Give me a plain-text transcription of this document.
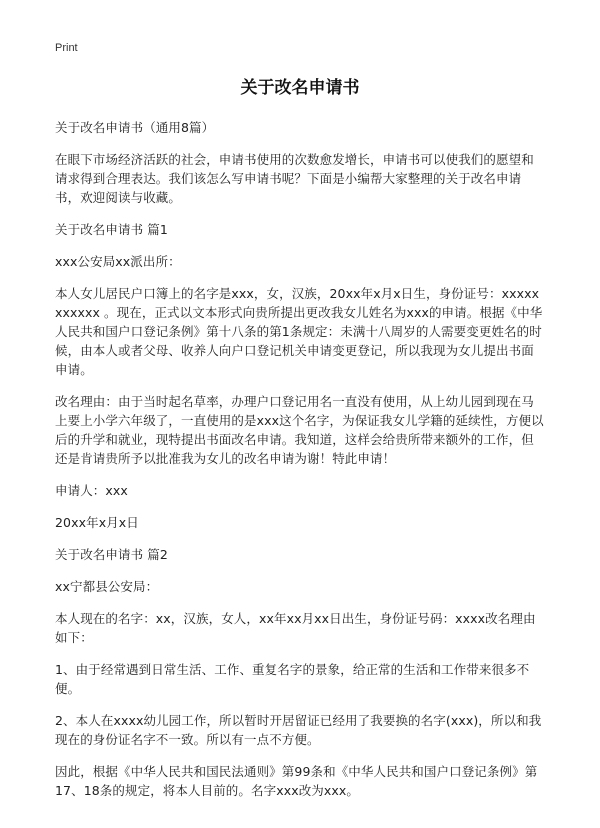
Print
关于改名申请书

关于改名申请书（通用8篇）

在眼下市场经济活跃的社会，申请书使用的次数愈发增长，申请书可以使我们的愿望和请求得到合理表达。我们该怎么写申请书呢？下面是小编帮大家整理的关于改名申请书，欢迎阅读与收藏。

关于改名申请书 篇1

xxx公安局xx派出所：

本人女儿居民户口簿上的名字是xxx，女，汉族，20xx年x月x日生，身份证号：xxxxxxxxxxx 。现在，正式以文本形式向贵所提出更改我女儿姓名为xxx的申请。根据《中华人民共和国户口登记条例》第十八条的第1条规定：未满十八周岁的人需要变更姓名的时候，由本人或者父母、收养人向户口登记机关申请变更登记，所以我现为女儿提出书面申请。

改名理由：由于当时起名草率，办理户口登记用名一直没有使用，从上幼儿园到现在马上要上小学六年级了，一直使用的是xxx这个名字，为保证我女儿学籍的延续性，方便以后的升学和就业，现特提出书面改名申请。我知道，这样会给贵所带来额外的工作，但还是肯请贵所予以批准我为女儿的改名申请为谢！特此申请！

申请人：xxx

20xx年x月x日

关于改名申请书 篇2

xx宁都县公安局：

本人现在的名字：xx，汉族，女人，xx年xx月xx日出生，身份证号码：xxxx改名理由如下：

1、由于经常遇到日常生活、工作、重复名字的景象，给正常的生活和工作带来很多不便。

2、本人在xxxx幼儿园工作，所以暂时开居留证已经用了我要换的名字(xxx)，所以和我现在的身份证名字不一致。所以有一点不方便。

因此，根据《中华人民共和国民法通则》第99条和《中华人民共和国户口登记条例》第17、18条的规定，将本人目前的。名字xxx改为xxx。
